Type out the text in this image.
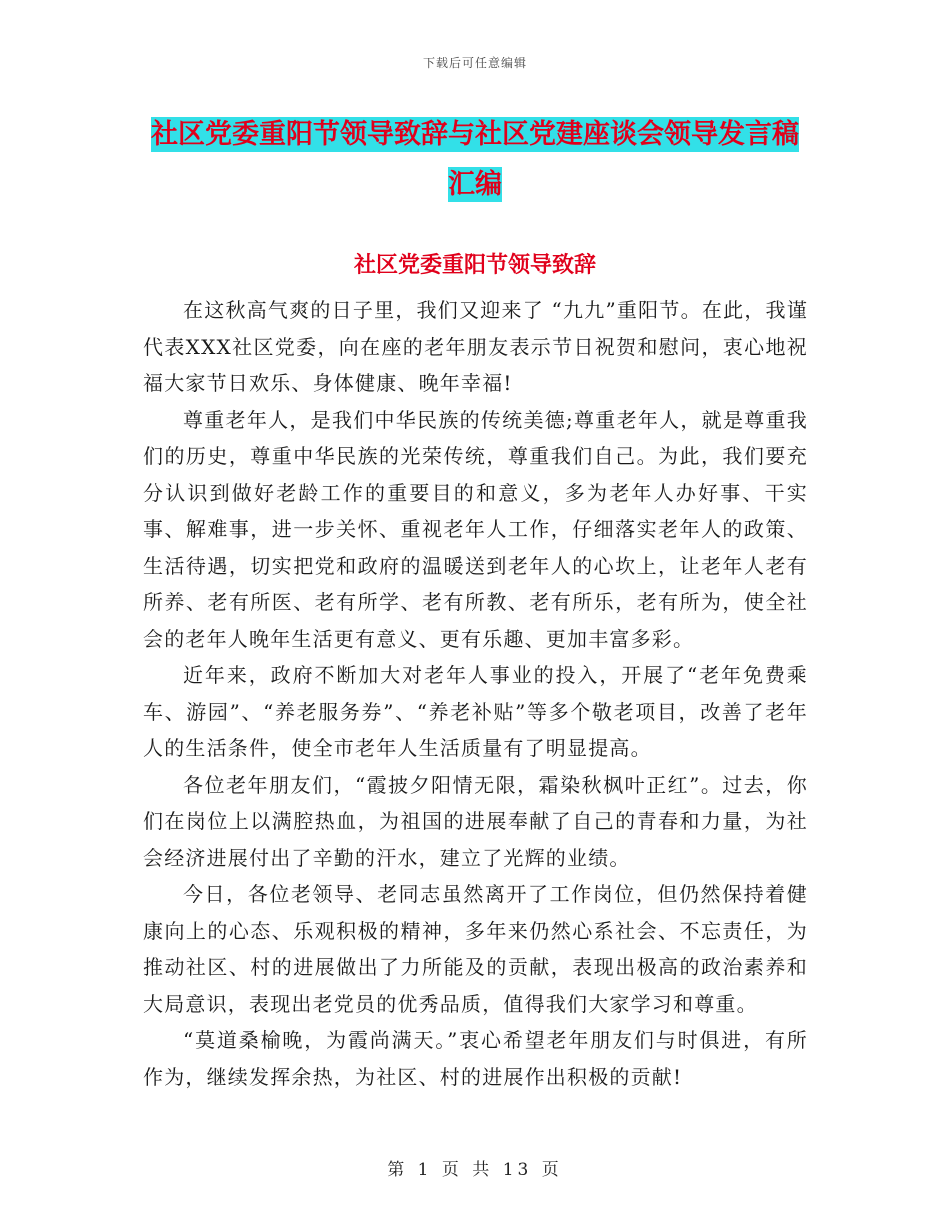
下载后可任意编辑
社区党委重阳节领导致辞与社区党建座谈会领导发言稿汇编
社区党委重阳节领导致辞

在这秋高气爽的日子里，我们又迎来了 “九九”重阳节。在此，我谨代表XXX社区党委，向在座的老年朋友表示节日祝贺和慰问，衷心地祝福大家节日欢乐、身体健康、晚年幸福!

尊重老年人，是我们中华民族的传统美德;尊重老年人，就是尊重我们的历史，尊重中华民族的光荣传统，尊重我们自己。为此，我们要充分认识到做好老龄工作的重要目的和意义，多为老年人办好事、干实事、解难事，进一步关怀、重视老年人工作，仔细落实老年人的政策、生活待遇，切实把党和政府的温暖送到老年人的心坎上，让老年人老有所养、老有所医、老有所学、老有所教、老有所乐，老有所为，使全社会的老年人晚年生活更有意义、更有乐趣、更加丰富多彩。

近年来，政府不断加大对老年人事业的投入，开展了“老年免费乘车、游园”、“养老服务券”、“养老补贴”等多个敬老项目，改善了老年人的生活条件，使全市老年人生活质量有了明显提高。

各位老年朋友们，“霞披夕阳情无限，霜染秋枫叶正红”。过去，你们在岗位上以满腔热血，为祖国的进展奉献了自己的青春和力量，为社会经济进展付出了辛勤的汗水，建立了光辉的业绩。

今日，各位老领导、老同志虽然离开了工作岗位，但仍然保持着健康向上的心态、乐观积极的精神，多年来仍然心系社会、不忘责任，为推动社区、村的进展做出了力所能及的贡献，表现出极高的政治素养和大局意识，表现出老党员的优秀品质，值得我们大家学习和尊重。

“莫道桑榆晚，为霞尚满天。”衷心希望老年朋友们与时俱进，有所作为，继续发挥余热，为社区、村的进展作出积极的贡献!

第 1 页 共 13 页
